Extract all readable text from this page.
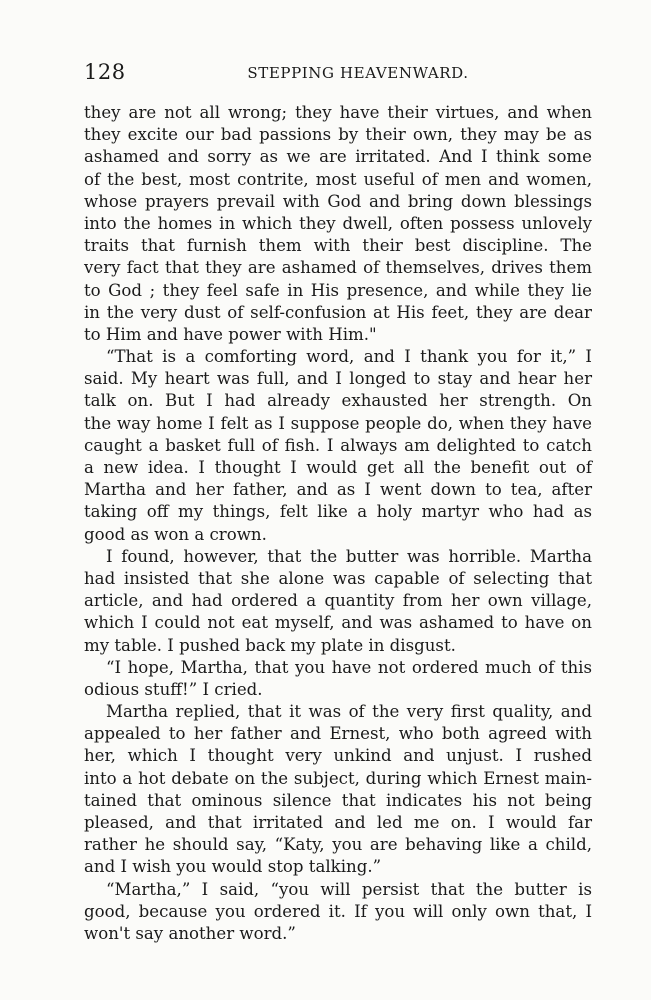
128	STEPPING HEAVENWARD.
they are not all wrong; they have their virtues, and when
they excite our bad passions by their own, they may be as
ashamed and sorry as we are irritated. And I think some
of the best, most contrite, most useful of men and women,
whose prayers prevail with God and bring down blessings
into the homes in which they dwell, often possess unlovely
traits that furnish them with their best discipline. The
very fact that they are ashamed of themselves, drives them
to God ; they feel safe in His presence, and while they lie
in the very dust of self-confusion at His feet, they are dear
to Him and have power with Him."
“That is a comforting word, and I thank you for it,” I
said. My heart was full, and I longed to stay and hear her
talk on. But I had already exhausted her strength. On
the way home I felt as I suppose people do, when they have
caught a basket full of fish. I always am delighted to catch
a new idea. I thought I would get all the benefit out of
Martha and her father, and as I went down to tea, after
taking off my things, felt like a holy martyr who had as
good as won a crown.
I found, however, that the butter was horrible. Martha
had insisted that she alone was capable of selecting that
article, and had ordered a quantity from her own village,
which I could not eat myself, and was ashamed to have on
my table. I pushed back my plate in disgust.
“I hope, Martha, that you have not ordered much of this
odious stuff!” I cried.
Martha replied, that it was of the very first quality, and
appealed to her father and Ernest, who both agreed with
her, which I thought very unkind and unjust. I rushed
into a hot debate on the subject, during which Ernest main-
tained that ominous silence that indicates his not being
pleased, and that irritated and led me on. I would far
rather he should say, “Katy, you are behaving like a child,
and I wish you would stop talking.”
“Martha,” I said, “you will persist that the butter is
good, because you ordered it. If you will only own that, I
won't say another word.”
